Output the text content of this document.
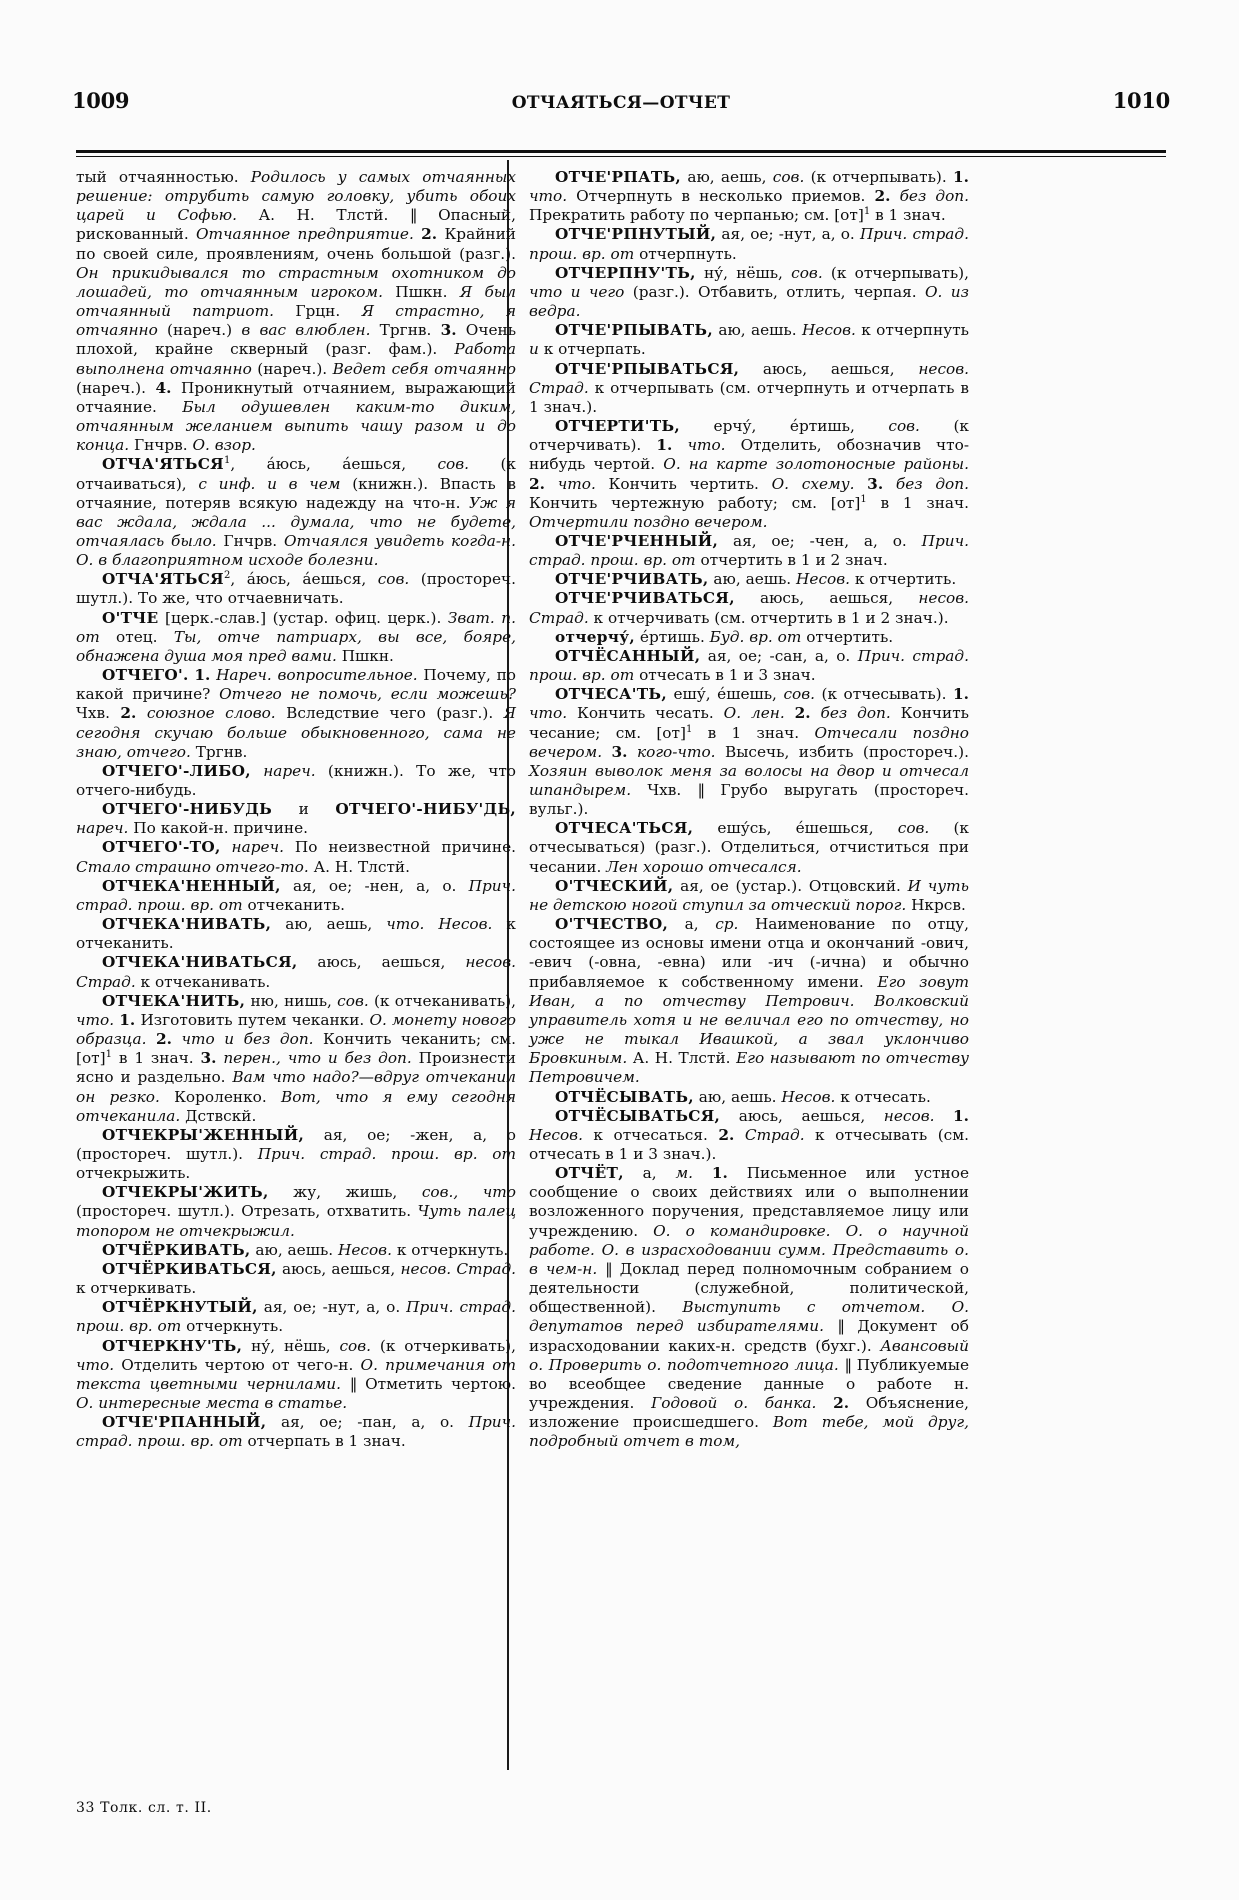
1009	ОТЧАЯТЬСЯ—ОТЧЕТ	1010

тый отчаянностью. Родилось у самых отчаянных решение: отрубить самую головку, убить обоих царей и Софью. А. Н. Тлстй. ‖ Опасный, рискованный. Отчаянное предприятие. 2. Крайний по своей силе, проявлениям, очень большой (разг.). Он прикидывался то страстным охотником до лошадей, то отчаянным игроком. Пшкн. Я был отчаянный патриот. Грцн. Я страстно, я отчаянно (нареч.) в вас влюблен. Тргнв. 3. Очень плохой, крайне скверный (разг. фам.). Работа выполнена отчаянно (нареч.). Ведет себя отчаянно (нареч.). 4. Проникнутый отчаянием, выражающий отчаяние. Был одушевлен каким-то диким, отчаянным желанием выпить чашу разом и до конца. Гнчрв. О. взор.

ОТЧА'ЯТЬСЯ$^1$, áюсь, áешься, сов. (к отчаиваться), с инф. и в чем (книжн.). Впасть в отчаяние, потеряв всякую надежду на что-н. Уж я вас ждала, ждала ... думала, что не будете, отчаялась было. Гнчрв. Отчаялся увидеть когда-н. О. в благоприятном исходе болезни.

ОТЧА'ЯТЬСЯ$^2$, áюсь, áешься, сов. (простореч. шутл.). То же, что отчаевничать.

О'ТЧЕ [церк.-слав.] (устар. офиц. церк.). Зват. п. от отец. Ты, отче патриарх, вы все, бояре, обнажена душа моя пред вами. Пшкн.

ОТЧЕГО'. 1. Нареч. вопросительное. Почему, по какой причине? Отчего не помочь, если можешь? Чхв. 2. союзное слово. Вследствие чего (разг.). Я сегодня скучаю больше обыкновенного, сама не знаю, отчего. Тргнв.

ОТЧЕГО'-ЛИБО, нареч. (книжн.). То же, что отчего-нибудь.

ОТЧЕГО'-НИБУДЬ и ОТЧЕГО'-НИБУ'ДЬ, нареч. По какой-н. причине.

ОТЧЕГО'-ТО, нареч. По неизвестной причине. Стало страшно отчего-то. А. Н. Тлстй.

ОТЧЕКА'НЕННЫЙ, ая, ое; -нен, а, о. Прич. страд. прош. вр. от отчеканить.

ОТЧЕКА'НИВАТЬ, аю, аешь, что. Несов. к отчеканить.

ОТЧЕКА'НИВАТЬСЯ, аюсь, аешься, несов. Страд. к отчеканивать.

ОТЧЕКА'НИТЬ, ню, нишь, сов. (к отчеканивать), что. 1. Изготовить путем чеканки. О. монету нового образца. 2. что и без доп. Кончить чеканить; см. [от]$^1$ в 1 знач. 3. перен., что и без доп. Произнести ясно и раздельно. Вам что надо?—вдруг отчеканил он резко. Короленко. Вот, что я ему сегодня отчеканила. Дствскй.

ОТЧЕКРЫ'ЖЕННЫЙ, ая, ое; -жен, а, о (простореч. шутл.). Прич. страд. прош. вр. от отчекрыжить.

ОТЧЕКРЫ'ЖИТЬ, жу, жишь, сов., что (простореч. шутл.). Отрезать, отхватить. Чуть палец топором не отчекрыжил.

ОТЧЁРКИВАТЬ, аю, аешь. Несов. к отчеркнуть.

ОТЧЁРКИВАТЬСЯ, аюсь, аешься, несов. Страд. к отчеркивать.

ОТЧЁРКНУТЫЙ, ая, ое; -нут, а, о. Прич. страд. прош. вр. от отчеркнуть.

ОТЧЕРКНУ'ТЬ, ну́, нёшь, сов. (к отчеркивать), что. Отделить чертою от чего-н. О. примечания от текста цветными чернилами. ‖ Отметить чертою. О. интересные места в статье.

ОТЧЕ'РПАННЫЙ, ая, ое; -пан, а, о. Прич. страд. прош. вр. от отчерпать в 1 знач.

ОТЧЕ'РПАТЬ, аю, аешь, сов. (к отчерпывать). 1. что. Отчерпнуть в несколько приемов. 2. без доп. Прекратить работу по черпанью; см. [от]$^1$ в 1 знач.

ОТЧЕ'РПНУТЫЙ, ая, ое; -нут, а, о. Прич. страд. прош. вр. от отчерпнуть.

ОТЧЕРПНУ'ТЬ, ну́, нёшь, сов. (к отчерпывать), что и чего (разг.). Отбавить, отлить, черпая. О. из ведра.

ОТЧЕ'РПЫВАТЬ, аю, аешь. Несов. к отчерпнуть и к отчерпать.

ОТЧЕ'РПЫВАТЬСЯ, аюсь, аешься, несов. Страд. к отчерпывать (см. отчерпнуть и отчерпать в 1 знач.).

ОТЧЕРТИ'ТЬ, ерчу́, éртишь, сов. (к отчерчивать). 1. что. Отделить, обозначив что-нибудь чертой. О. на карте золотоносные районы. 2. что. Кончить чертить. О. схему. 3. без доп. Кончить чертежную работу; см. [от]$^1$ в 1 знач. Отчертили поздно вечером.

ОТЧЕ'РЧЕННЫЙ, ая, ое; -чен, а, о. Прич. страд. прош. вр. от отчертить в 1 и 2 знач.

ОТЧЕ'РЧИВАТЬ, аю, аешь. Несов. к отчертить.

ОТЧЕ'РЧИВАТЬСЯ, аюсь, аешься, несов. Страд. к отчерчивать (см. отчертить в 1 и 2 знач.).

отчерчу́, éртишь. Буд. вр. от отчертить.

ОТЧЁСАННЫЙ, ая, ое; -сан, а, о. Прич. страд. прош. вр. от отчесать в 1 и 3 знач.

ОТЧЕСА'ТЬ, ешу́, éшешь, сов. (к отчесывать). 1. что. Кончить чесать. О. лен. 2. без доп. Кончить чесание; см. [от]$^1$ в 1 знач. Отчесали поздно вечером. 3. кого-что. Высечь, избить (простореч.). Хозяин выволок меня за волосы на двор и отчесал шпандырем. Чхв. ‖ Грубо выругать (простореч. вульг.).

ОТЧЕСА'ТЬСЯ, ешу́сь, éшешься, сов. (к отчесываться) (разг.). Отделиться, отчиститься при чесании. Лен хорошо отчесался.

О'ТЧЕСКИЙ, ая, ое (устар.). Отцовский. И чуть не детскою ногой ступил за отческий порог. Нкрсв.

О'ТЧЕСТВО, а, ср. Наименование по отцу, состоящее из основы имени отца и окончаний -ович, -евич (-овна, -евна) или -ич (-ична) и обычно прибавляемое к собственному имени. Его зовут Иван, а по отчеству Петрович. Волковский управитель хотя и не величал его по отчеству, но уже не тыкал Ивашкой, а звал уклончиво Бровкиным. А. Н. Тлстй. Его называют по отчеству Петровичем.

ОТЧЁСЫВАТЬ, аю, аешь. Несов. к отчесать.

ОТЧЁСЫВАТЬСЯ, аюсь, аешься, несов. 1. Несов. к отчесаться. 2. Страд. к отчесывать (см. отчесать в 1 и 3 знач.).

ОТЧЁТ, а, м. 1. Письменное или устное сообщение о своих действиях или о выполнении возложенного поручения, представляемое лицу или учреждению. О. о командировке. О. о научной работе. О. в израсходовании сумм. Представить о. в чем-н. ‖ Доклад перед полномочным собранием о деятельности (служебной, политической, общественной). Выступить с отчетом. О. депутатов перед избирателями. ‖ Документ об израсходовании каких-н. средств (бухг.). Авансовый о. Проверить о. подотчетного лица. ‖ Публикуемые во всеобщее сведение данные о работе н. учреждения. Годовой о. банка. 2. Объяснение, изложение происшедшего. Вот тебе, мой друг, подробный отчет в том,

33 Толк. сл. т. II.
